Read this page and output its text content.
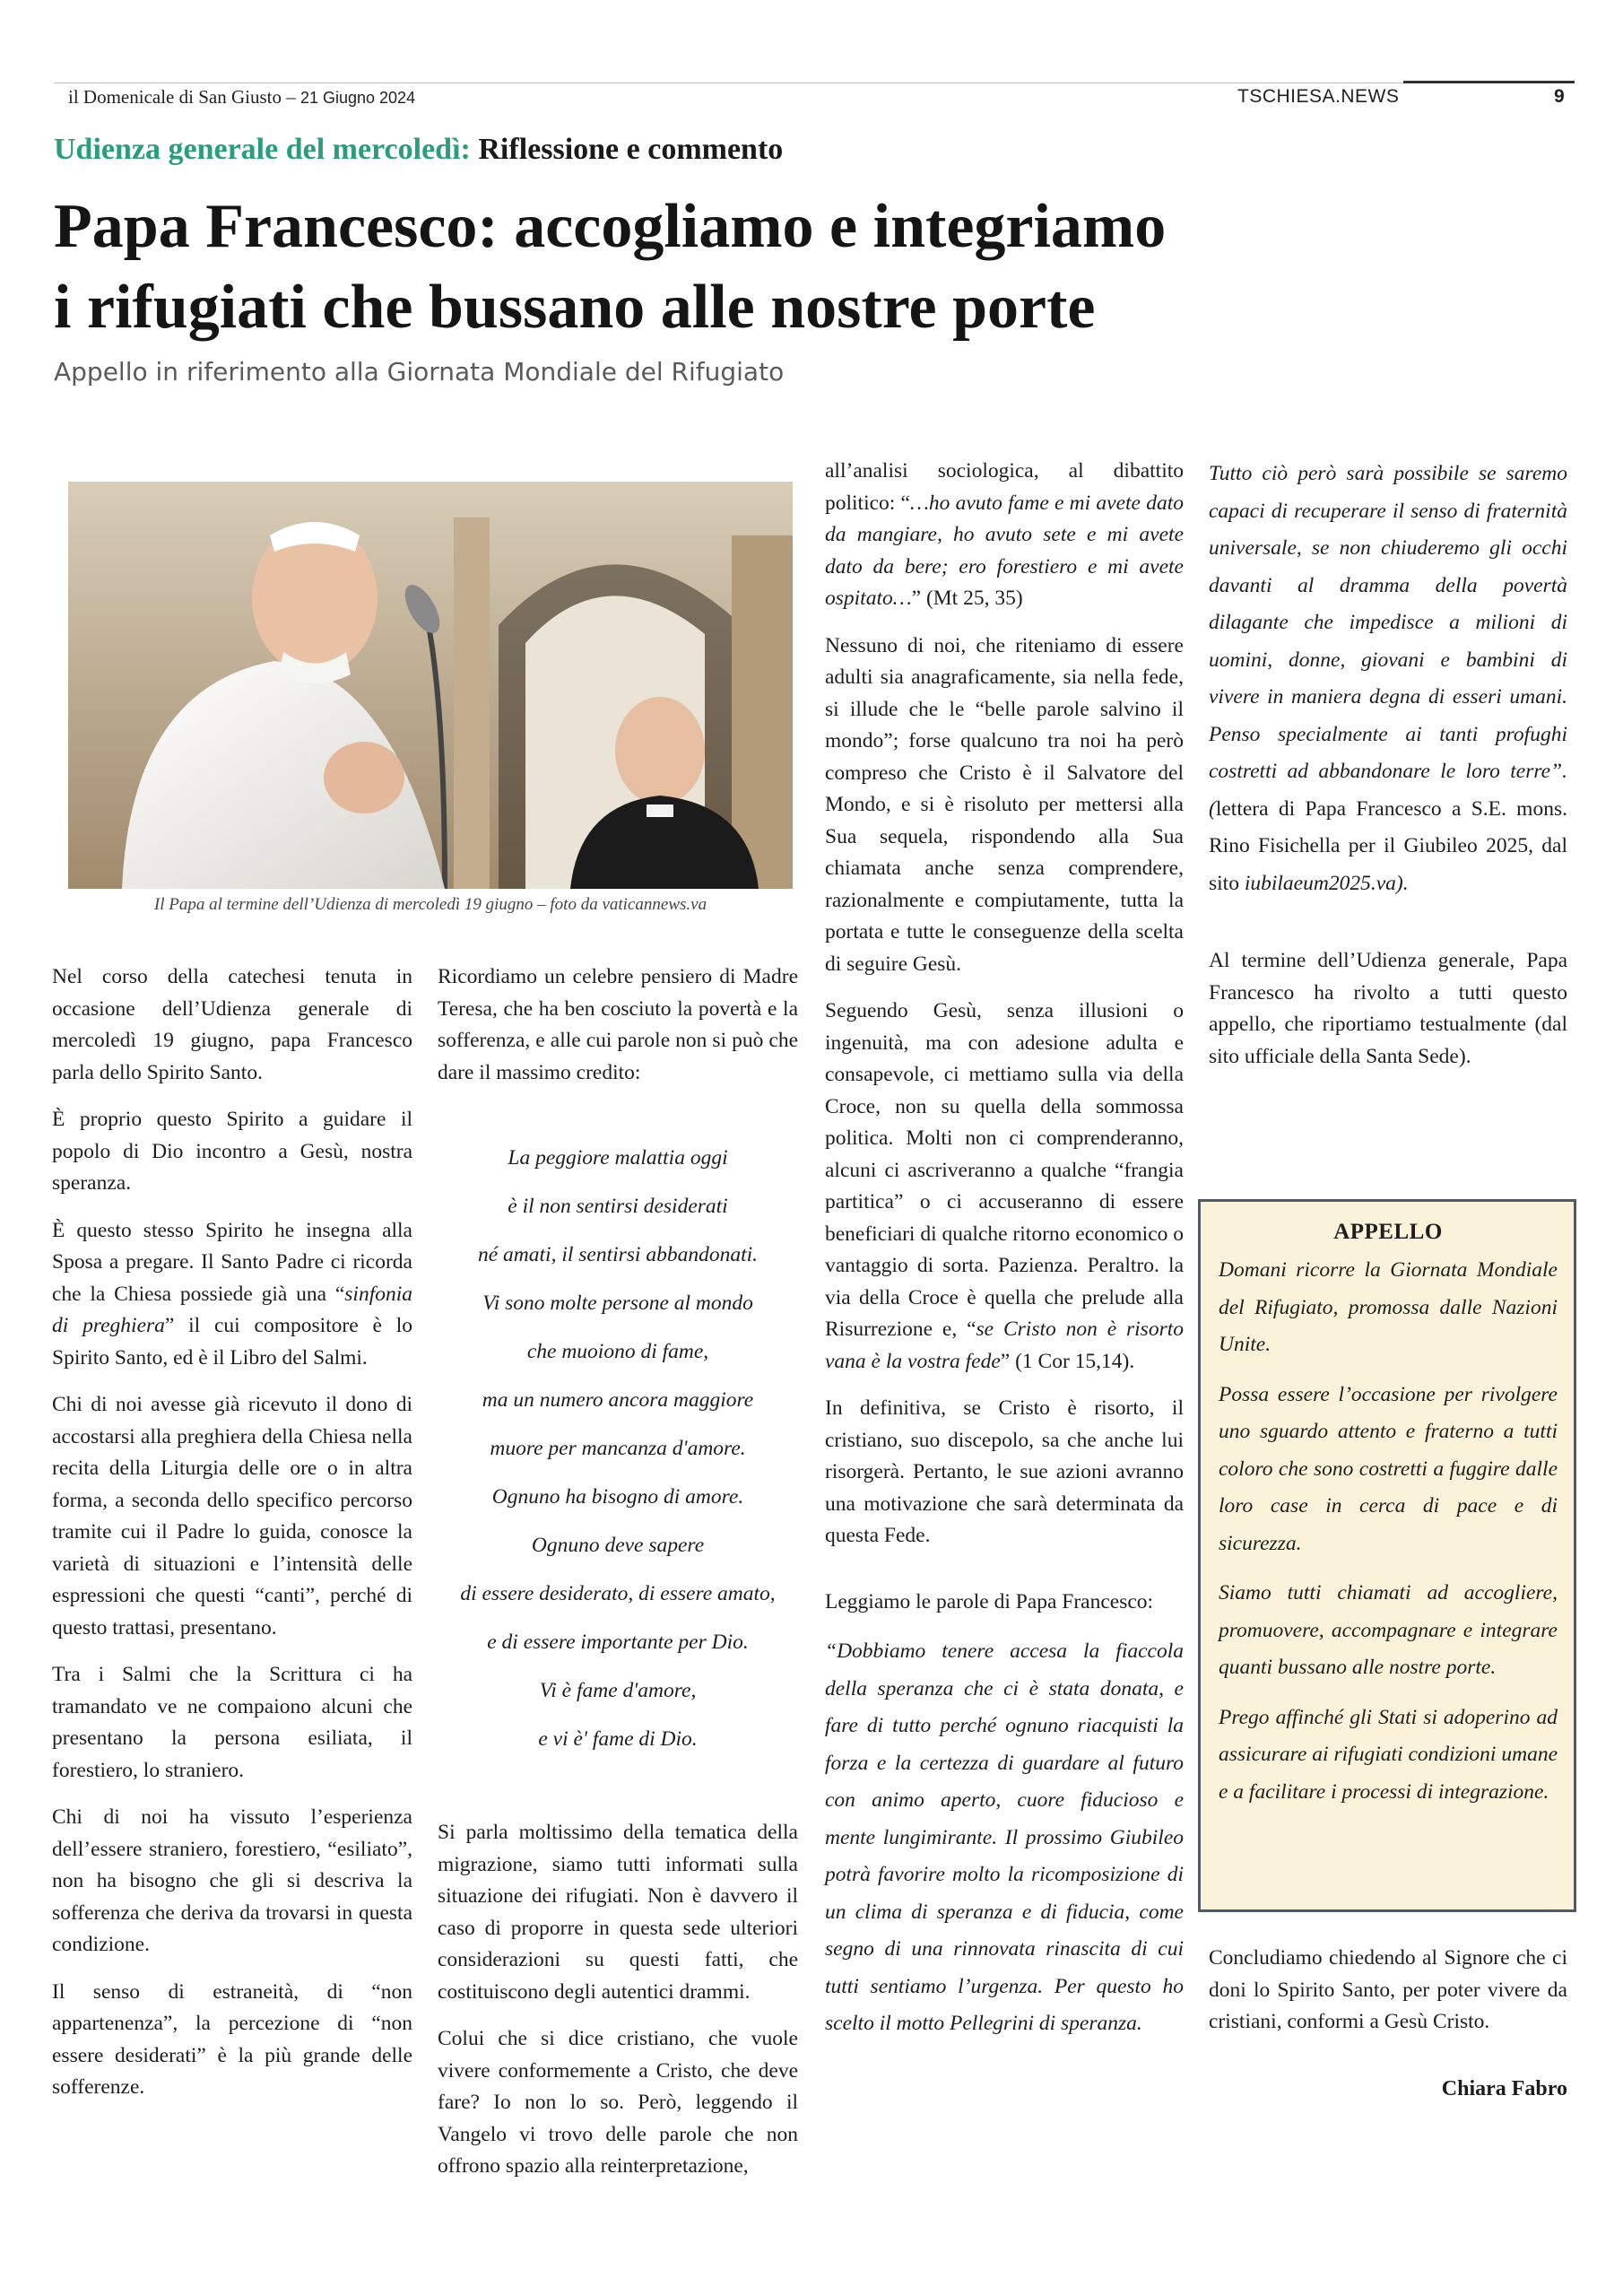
il Domenicale di San Giusto – 21 Giugno 2024	TSCHIESA.NEWS	9
Udienza generale del mercoledì: Riflessione e commento
Papa Francesco: accogliamo e integriamo
i rifugiati che bussano alle nostre porte
Appello in riferimento alla Giornata Mondiale del Rifugiato
Il Papa al termine dell’Udienza di mercoledì 19 giugno – foto da vaticannews.va

Nel corso della catechesi tenuta in occasione dell’Udienza generale di mercoledì 19 giugno, papa Francesco parla dello Spirito Santo.

È proprio questo Spirito a guidare il popolo di Dio incontro a Gesù, nostra speranza.

È questo stesso Spirito he insegna alla Sposa a pregare. Il Santo Padre ci ricorda che la Chiesa possiede già una “sinfonia di preghiera” il cui compositore è lo Spirito Santo, ed è il Libro del Salmi.

Chi di noi avesse già ricevuto il dono di accostarsi alla preghiera della Chiesa nella recita della Liturgia delle ore o in altra forma, a seconda dello specifico percorso tramite cui il Padre lo guida, conosce la varietà di situazioni e l’intensità delle espressioni che questi “canti”, perché di questo trattasi, presentano.

Tra i Salmi che la Scrittura ci ha tramandato ve ne compaiono alcuni che presentano la persona esiliata, il forestiero, lo straniero.

Chi di noi ha vissuto l’esperienza dell’essere straniero, forestiero, “esiliato”, non ha bisogno che gli si descriva la sofferenza che deriva da trovarsi in questa condizione.

Il senso di estraneità, di “non appartenenza”, la percezione di “non essere desiderati” è la più grande delle sofferenze.

Ricordiamo un celebre pensiero di Madre Teresa, che ha ben cosciuto la povertà e la sofferenza, e alle cui parole non si può che dare il massimo credito:

La peggiore malattia oggi
è il non sentirsi desiderati
né amati, il sentirsi abbandonati.
Vi sono molte persone al mondo
che muoiono di fame,
ma un numero ancora maggiore
muore per mancanza d'amore.
Ognuno ha bisogno di amore.
Ognuno deve sapere
di essere desiderato, di essere amato,
e di essere importante per Dio.
Vi è fame d'amore,
e vi è' fame di Dio.

Si parla moltissimo della tematica della migrazione, siamo tutti informati sulla situazione dei rifugiati. Non è davvero il caso di proporre in questa sede ulteriori considerazioni su questi fatti, che costituiscono degli autentici drammi.

Colui che si dice cristiano, che vuole vivere conformemente a Cristo, che deve fare? Io non lo so. Però, leggendo il Vangelo vi trovo delle parole che non offrono spazio alla reinterpretazione,

all’analisi sociologica, al dibattito politico: “…ho avuto fame e mi avete dato da mangiare, ho avuto sete e mi avete dato da bere; ero forestiero e mi avete ospitato…” (Mt 25, 35)

Nessuno di noi, che riteniamo di essere adulti sia anagraficamente, sia nella fede, si illude che le “belle parole salvino il mondo”; forse qualcuno tra noi ha però compreso che Cristo è il Salvatore del Mondo, e si è risoluto per mettersi alla Sua sequela, rispondendo alla Sua chiamata anche senza comprendere, razionalmente e compiutamente, tutta la portata e tutte le conseguenze della scelta di seguire Gesù.

Seguendo Gesù, senza illusioni o ingenuità, ma con adesione adulta e consapevole, ci mettiamo sulla via della Croce, non su quella della sommossa politica. Molti non ci comprenderanno, alcuni ci ascriveranno a qualche “frangia partitica” o ci accuseranno di essere beneficiari di qualche ritorno economico o vantaggio di sorta. Pazienza. Peraltro. la via della Croce è quella che prelude alla Risurrezione e, “se Cristo non è risorto vana è la vostra fede” (1 Cor 15,14).

In definitiva, se Cristo è risorto, il cristiano, suo discepolo, sa che anche lui risorgerà. Pertanto, le sue azioni avranno una motivazione che sarà determinata da questa Fede.

Leggiamo le parole di Papa Francesco:

“Dobbiamo tenere accesa la fiaccola della speranza che ci è stata donata, e fare di tutto perché ognuno riacquisti la forza e la certezza di guardare al futuro con animo aperto, cuore fiducioso e mente lungimirante. Il prossimo Giubileo potrà favorire molto la ricomposizione di un clima di speranza e di fiducia, come segno di una rinnovata rinascita di cui tutti sentiamo l’urgenza. Per questo ho scelto il motto Pellegrini di speranza.

Tutto ciò però sarà possibile se saremo capaci di recuperare il senso di fraternità universale, se non chiuderemo gli occhi davanti al dramma della povertà dilagante che impedisce a milioni di uomini, donne, giovani e bambini di vivere in maniera degna di esseri umani. Penso specialmente ai tanti profughi costretti ad abbandonare le loro terre”. (lettera di Papa Francesco a S.E. mons. Rino Fisichella per il Giubileo 2025, dal sito iubilaeum2025.va).

Al termine dell’Udienza generale, Papa Francesco ha rivolto a tutti questo appello, che riportiamo testualmente (dal sito ufficiale della Santa Sede).

APPELLO

Domani ricorre la Giornata Mondiale del Rifugiato, promossa dalle Nazioni Unite.

Possa essere l’occasione per rivolgere uno sguardo attento e fraterno a tutti coloro che sono costretti a fuggire dalle loro case in cerca di pace e di sicurezza.

Siamo tutti chiamati ad accogliere, promuovere, accompagnare e integrare quanti bussano alle nostre porte.

Prego affinché gli Stati si adoperino ad assicurare ai rifugiati condizioni umane e a facilitare i processi di integrazione.

Concludiamo chiedendo al Signore che ci doni lo Spirito Santo, per poter vivere da cristiani, conformi a Gesù Cristo.
Chiara Fabro
